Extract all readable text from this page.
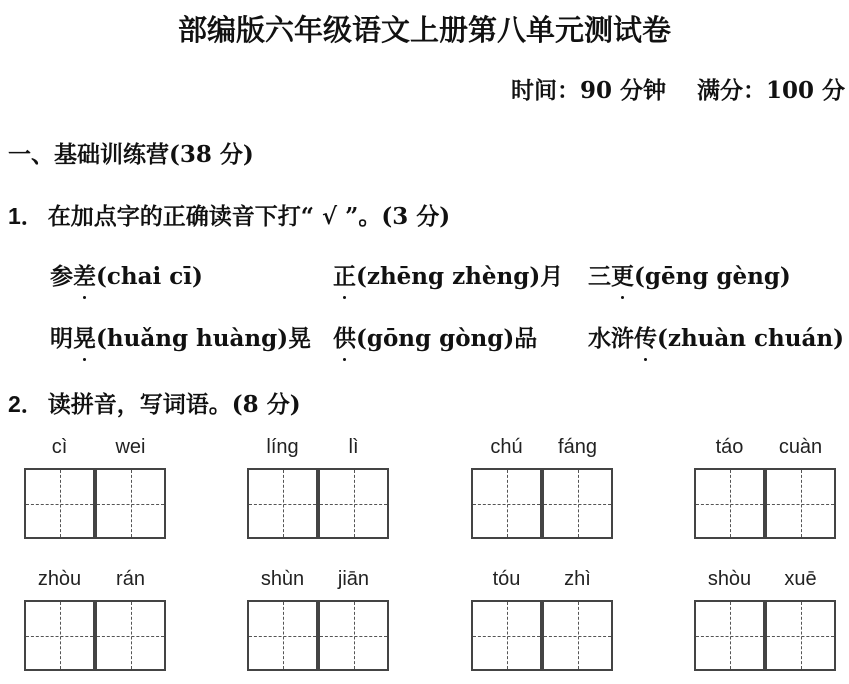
部编版六年级语文上册第八单元测试卷
时间：90 分钟　 满分：100 分
一、基础训练营(38 分)
1． 在加点字的正确读音下打“ √ ”。(3 分)
参差(chai cī)	正(zhēng zhèng)月 三更(gēng gèng)
明晃(huǎng huàng)晃 供(gōng gòng)品 水浒传(zhuàn chuán)
2． 读拼音，写词语。(8 分)
cì	wei	líng	lì	chú	fáng	táo	cuàn
zhòu	rán	shùn	jiān	tóu	zhì	shòu	xuē
